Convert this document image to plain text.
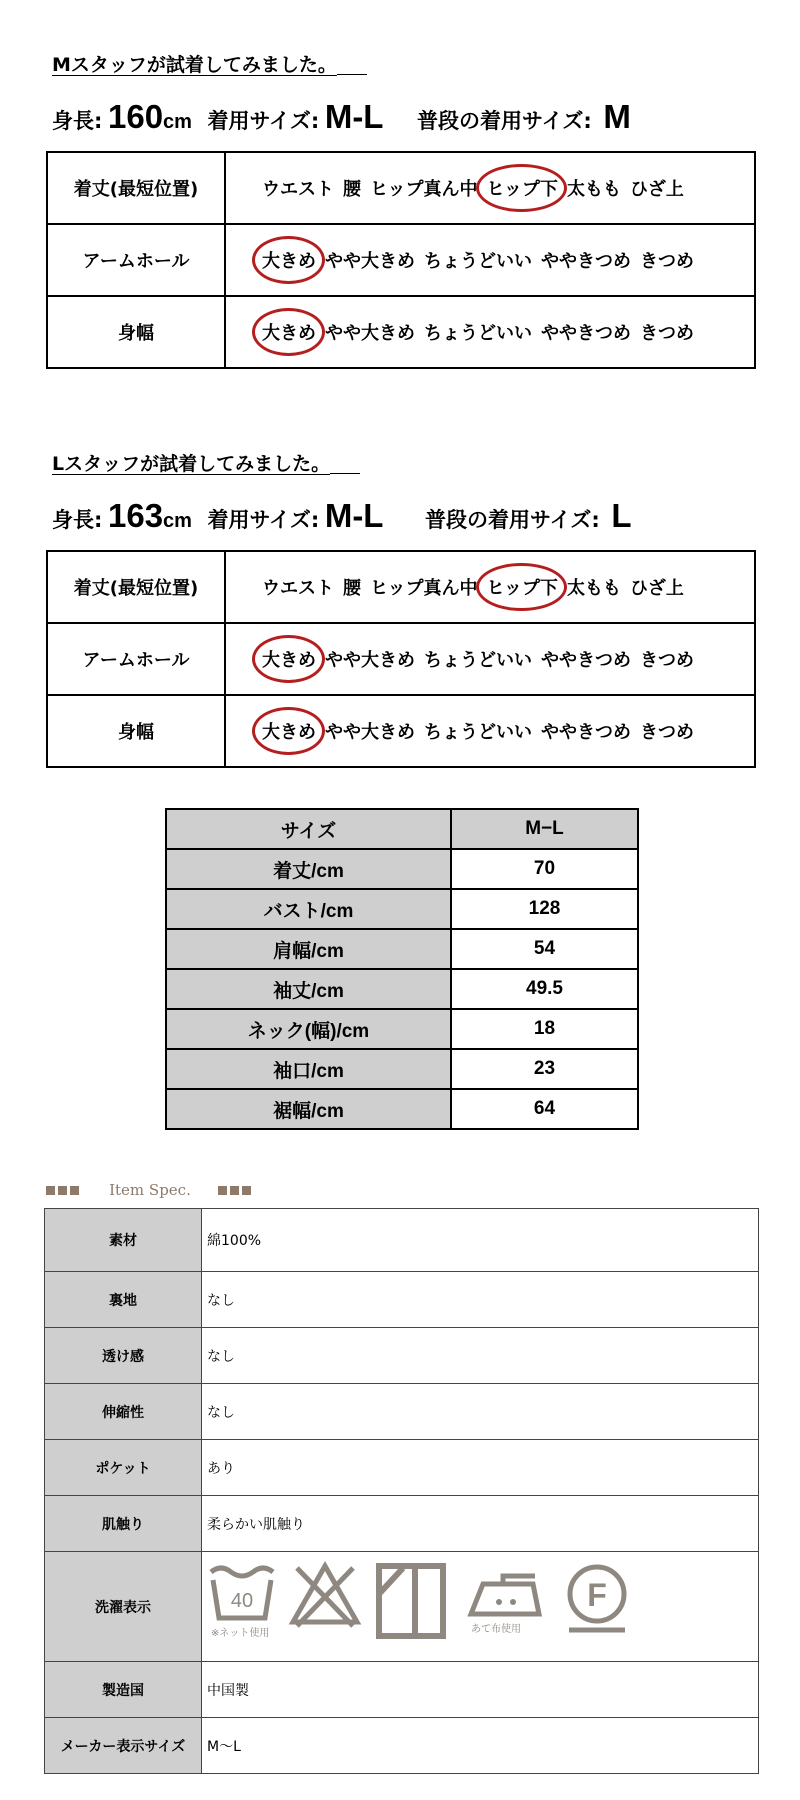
Mスタッフが試着してみました。
身長: 160cm 着用サイズ: M-L 普段の着用サイズ: M
着丈(最短位置)	ウエスト 腰 ヒップ真ん中 ヒップ下 太もも ひざ上
アームホール	大きめ やや大きめ ちょうどいい ややきつめ きつめ
身幅	大きめ やや大きめ ちょうどいい ややきつめ きつめ
Lスタッフが試着してみました。
身長: 163cm 着用サイズ: M-L 普段の着用サイズ: L
着丈(最短位置)	ウエスト 腰 ヒップ真ん中 ヒップ下 太もも ひざ上
アームホール	大きめ やや大きめ ちょうどいい ややきつめ きつめ
身幅	大きめ やや大きめ ちょうどいい ややきつめ きつめ
サイズ	M−L
着丈/cm	70
バスト/cm	128
肩幅/cm	54
袖丈/cm	49.5
ネック(幅)/cm	18
袖口/cm	23
裾幅/cm	64
Item Spec.
素材	綿100%
裏地	なし
透け感	なし
伸縮性	なし
ポケット	あり
肌触り	柔らかい肌触り
洗濯表示	40
※ネット使用 あて布使用
F

製造国	中国製
メーカー表示サイズ	M～L
